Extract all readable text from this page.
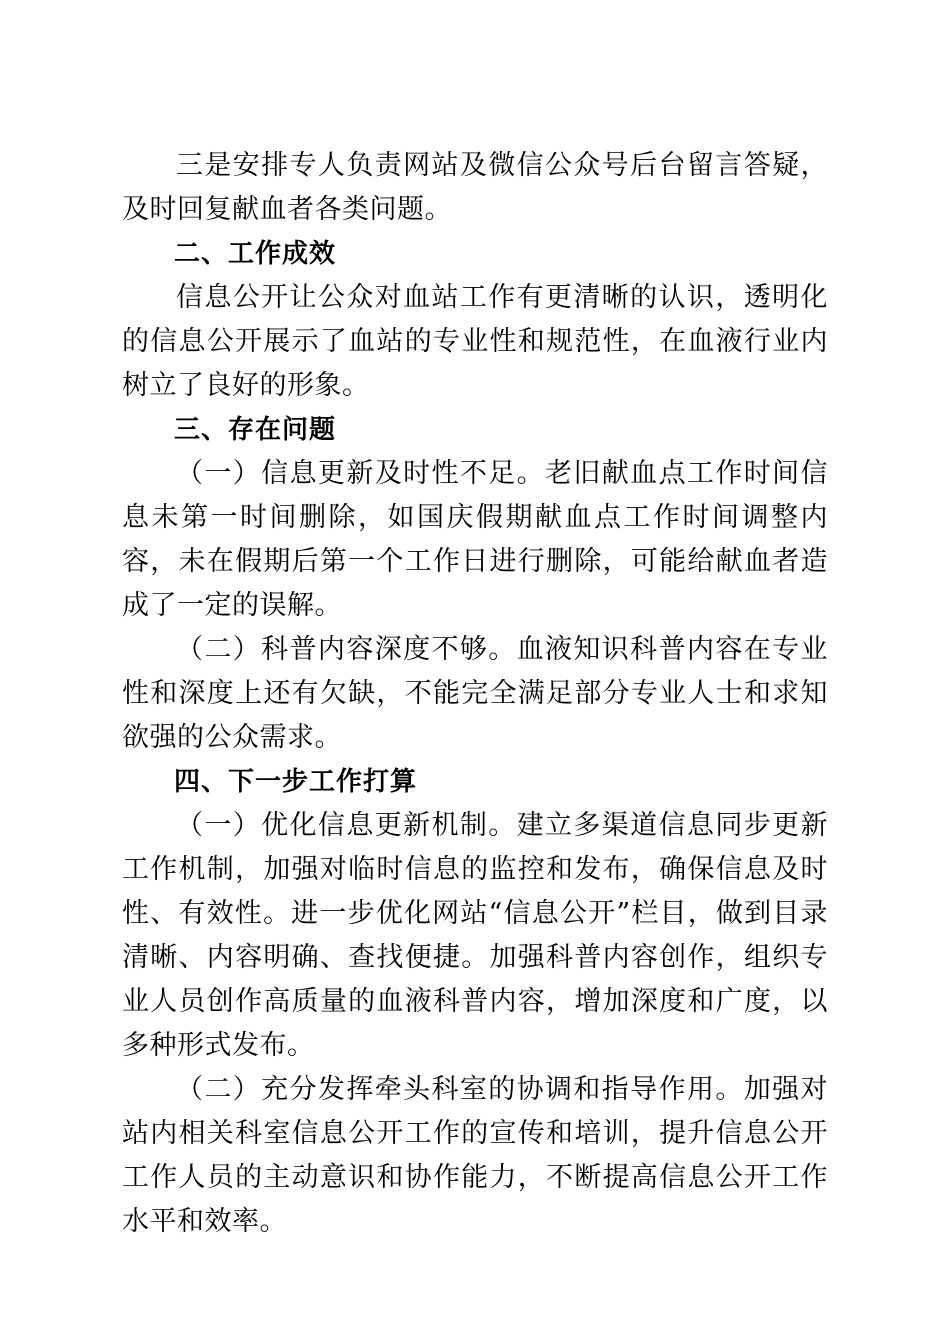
三是安排专人负责网站及微信公众号后台留言答疑，及时回复献血者各类问题。

二、工作成效

信息公开让公众对血站工作有更清晰的认识，透明化的信息公开展示了血站的专业性和规范性，在血液行业内树立了良好的形象。

三、存在问题

（一）信息更新及时性不足。老旧献血点工作时间信息未第一时间删除，如国庆假期献血点工作时间调整内容，未在假期后第一个工作日进行删除，可能给献血者造成了一定的误解。

（二）科普内容深度不够。血液知识科普内容在专业性和深度上还有欠缺，不能完全满足部分专业人士和求知欲强的公众需求。

四、下一步工作打算

（一）优化信息更新机制。建立多渠道信息同步更新工作机制，加强对临时信息的监控和发布，确保信息及时性、有效性。进一步优化网站“信息公开”栏目，做到目录清晰、内容明确、查找便捷。加强科普内容创作，组织专业人员创作高质量的血液科普内容，增加深度和广度，以多种形式发布。

（二）充分发挥牵头科室的协调和指导作用。加强对站内相关科室信息公开工作的宣传和培训，提升信息公开工作人员的主动意识和协作能力，不断提高信息公开工作水平和效率。
